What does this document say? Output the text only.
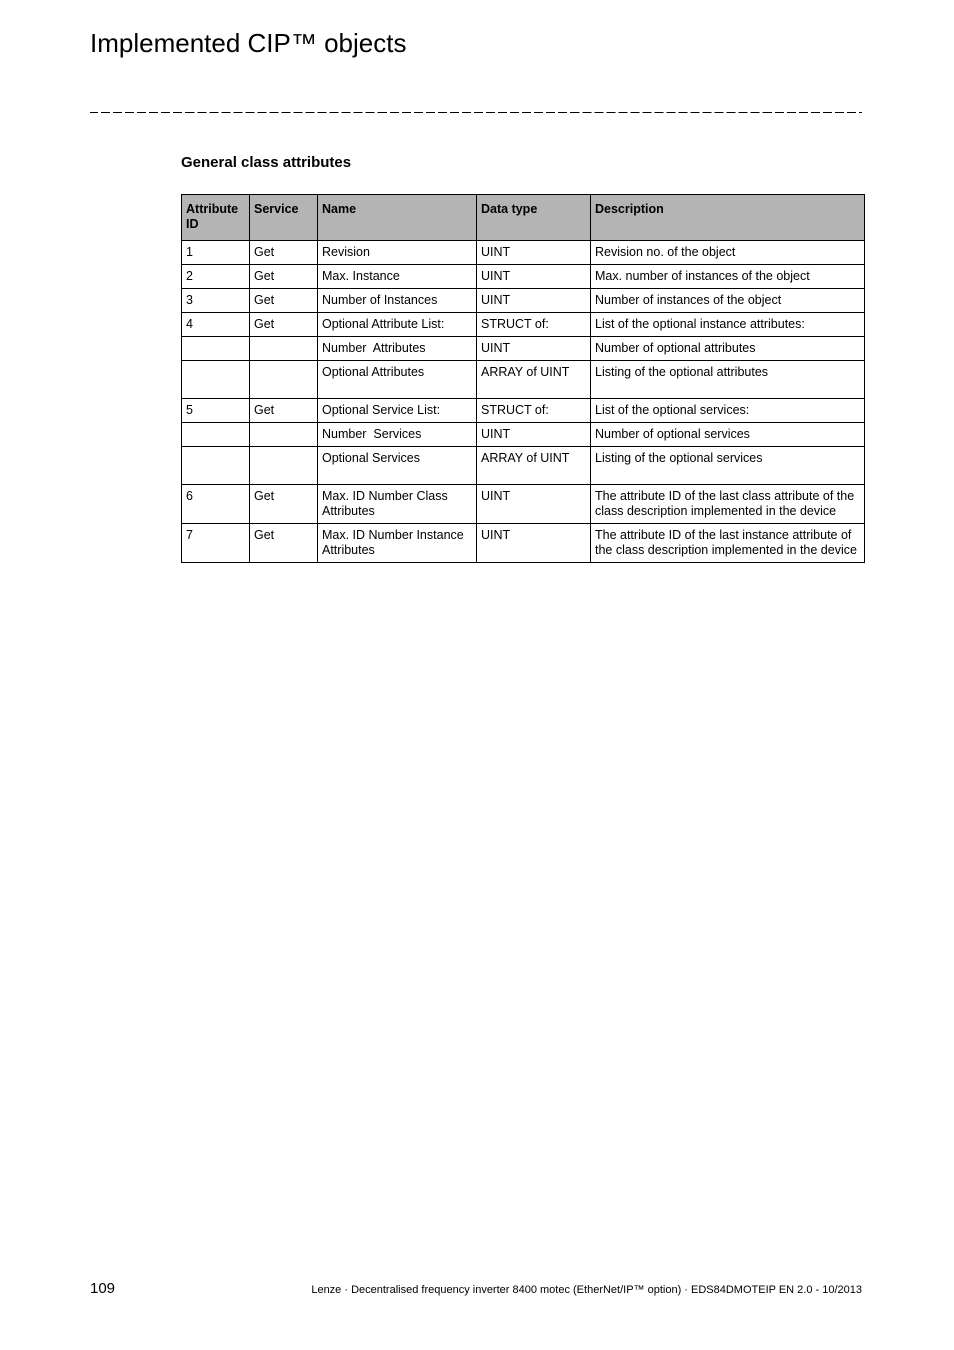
Implemented CIP™ objects
General class attributes
Attribute ID	Service	Name	Data type	Description
1	Get	Revision	UINT	Revision no. of the object
2	Get	Max. Instance	UINT	Max. number of instances of the object
3	Get	Number of Instances	UINT	Number of instances of the object
4	Get	Optional Attribute List:	STRUCT of:	List of the optional instance attributes:
		Number  Attributes	UINT	Number of optional attributes
		Optional Attributes	ARRAY of UINT	Listing of the optional attributes
5	Get	Optional Service List:	STRUCT of:	List of the optional services:
		Number  Services	UINT	Number of optional services
		Optional Services	ARRAY of UINT	Listing of the optional services
6	Get	Max. ID Number Class Attributes	UINT	The attribute ID of the last class attribute of the class description implemented in the device
7	Get	Max. ID Number Instance Attributes	UINT	The attribute ID of the last instance attribute of the class description implemented in the device
109	Lenze · Decentralised frequency inverter 8400 motec (EtherNet/IP™ option) · EDS84DMOTEIP EN 2.0 - 10/2013
